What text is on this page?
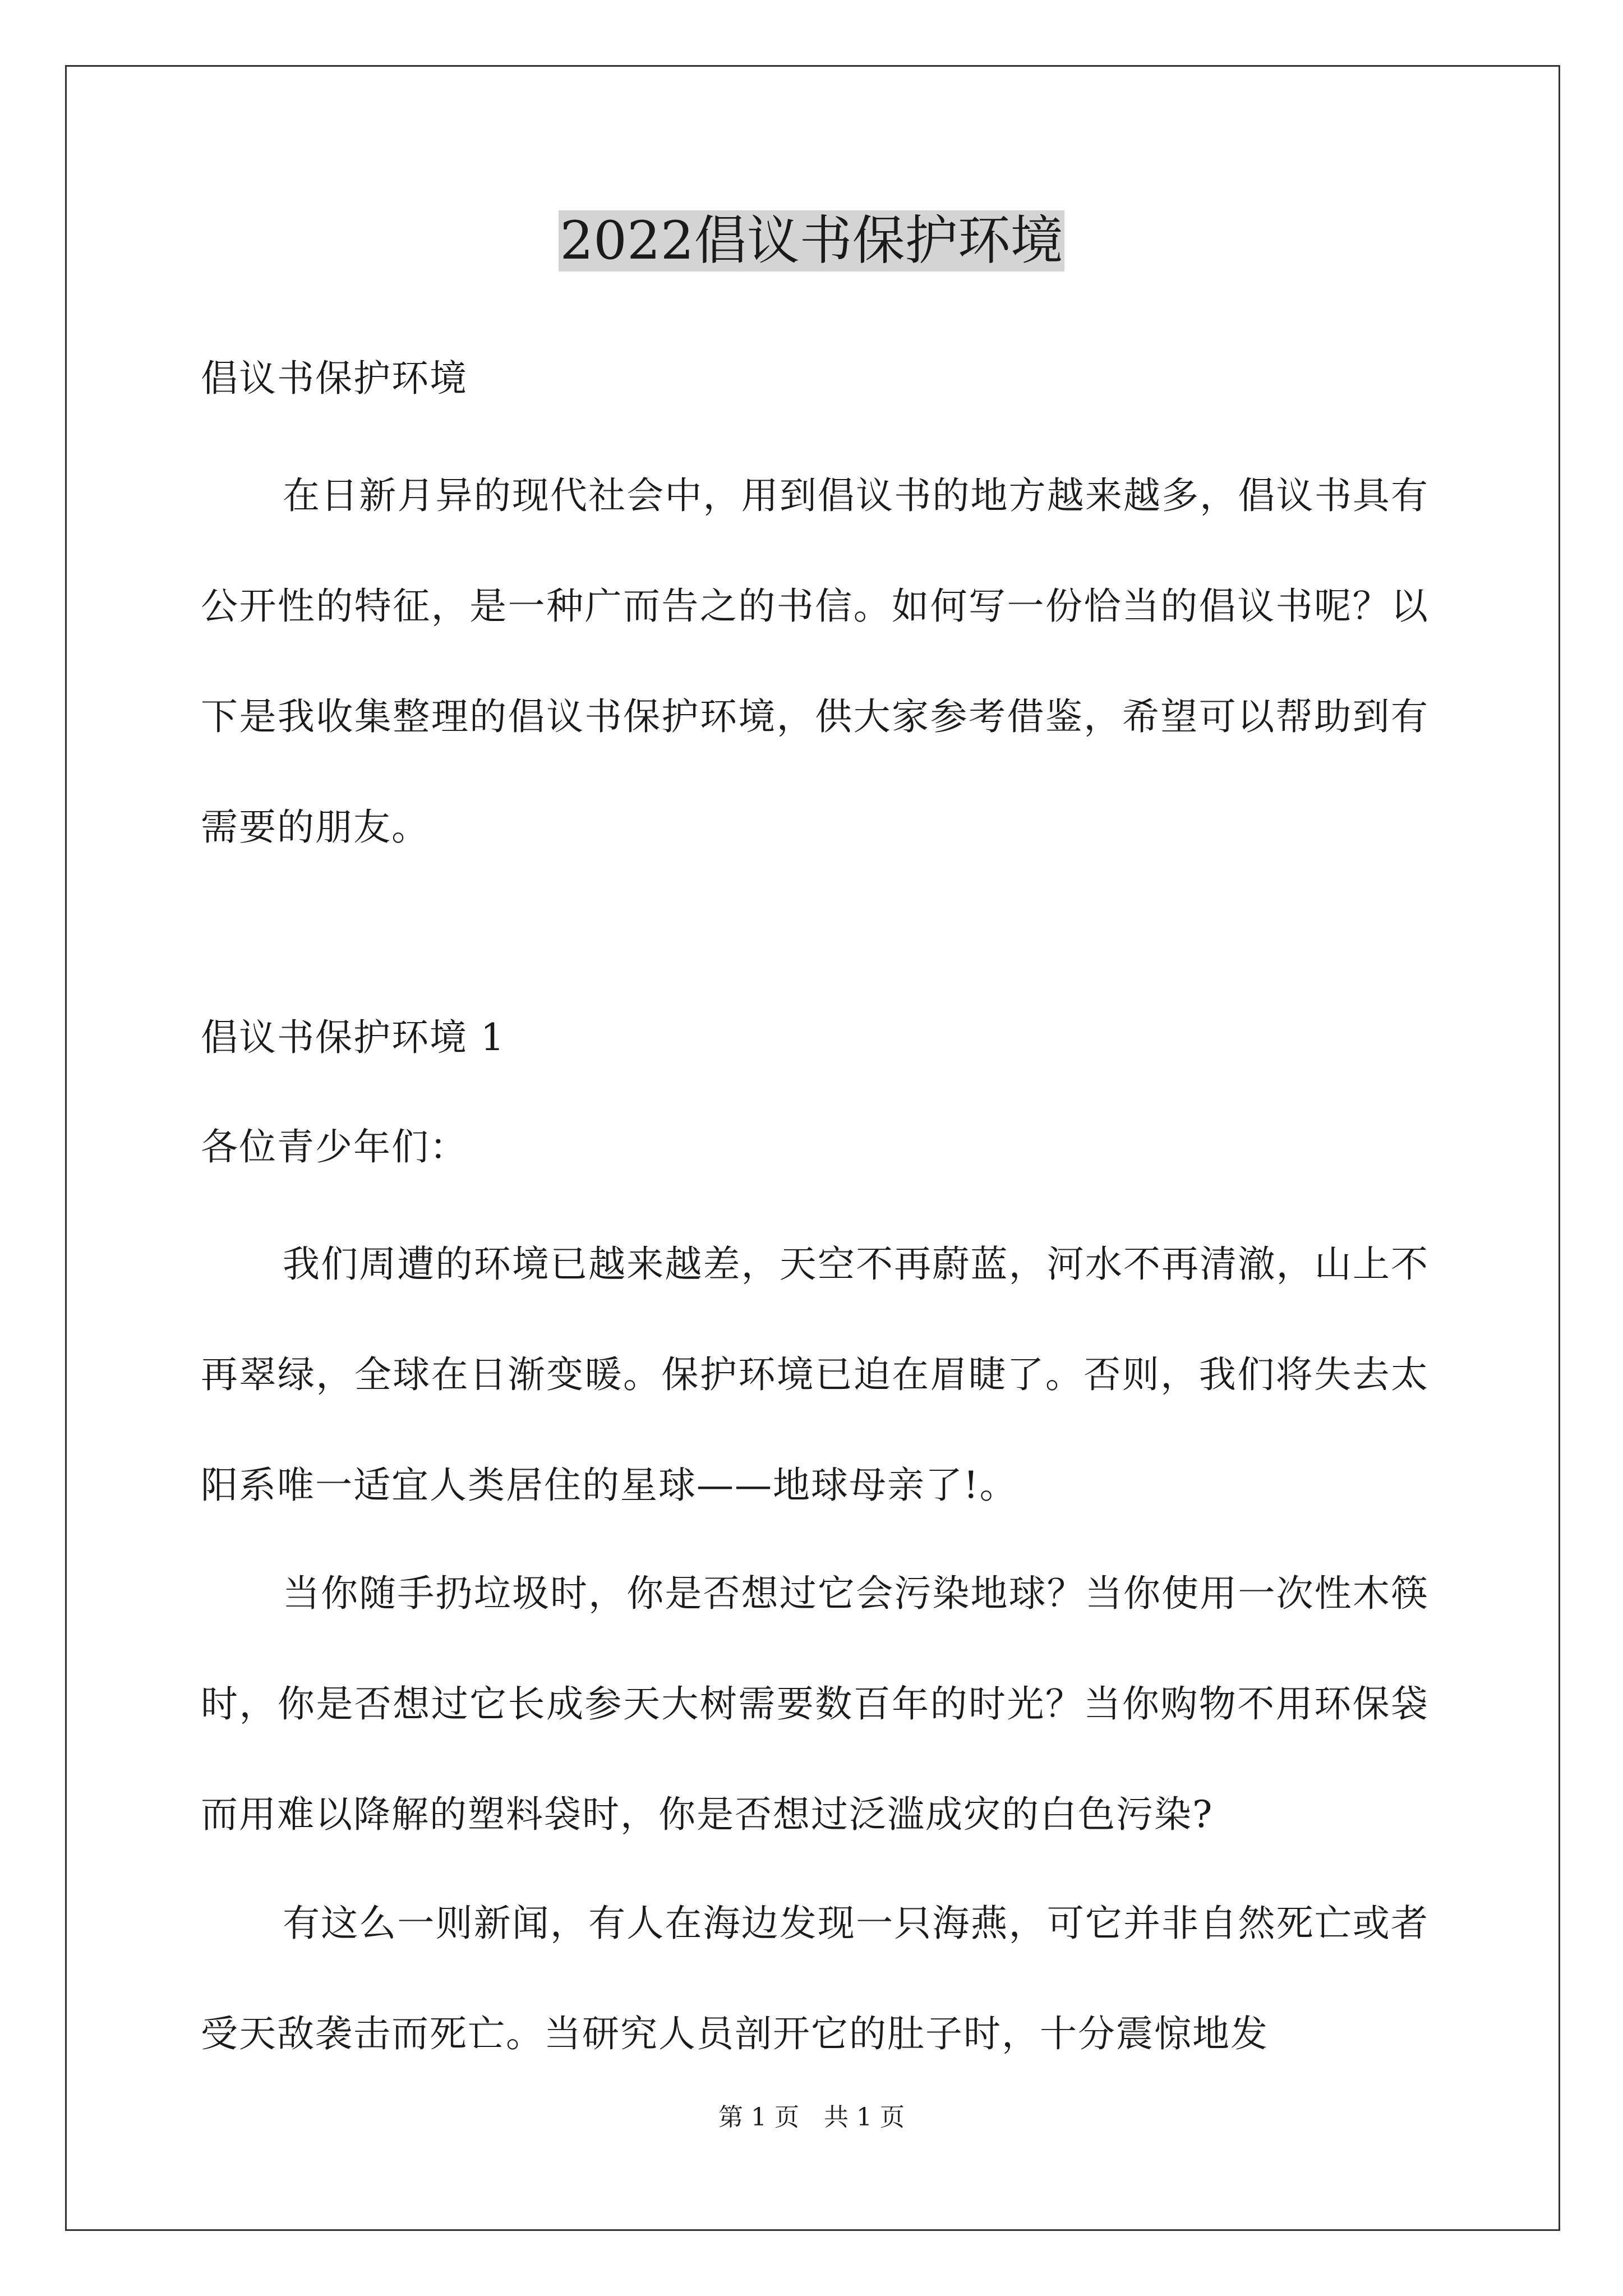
2022倡议书保护环境
倡议书保护环境
在日新月异的现代社会中，用到倡议书的地方越来越多，倡议书具有公开性的特征，是一种广而告之的书信。如何写一份恰当的倡议书呢？以下是我收集整理的倡议书保护环境，供大家参考借鉴，希望可以帮助到有需要的朋友。
倡议书保护环境 1
各位青少年们：
我们周遭的环境已越来越差，天空不再蔚蓝，河水不再清澈，山上不再翠绿，全球在日渐变暖。保护环境已迫在眉睫了。否则，我们将失去太阳系唯一适宜人类居住的星球——地球母亲了!。
当你随手扔垃圾时，你是否想过它会污染地球？当你使用一次性木筷时，你是否想过它长成参天大树需要数百年的时光？当你购物不用环保袋而用难以降解的塑料袋时，你是否想过泛滥成灾的白色污染?
有这么一则新闻，有人在海边发现一只海燕，可它并非自然死亡或者受天敌袭击而死亡。当研究人员剖开它的肚子时，十分震惊地发
第 1 页　共 1 页
